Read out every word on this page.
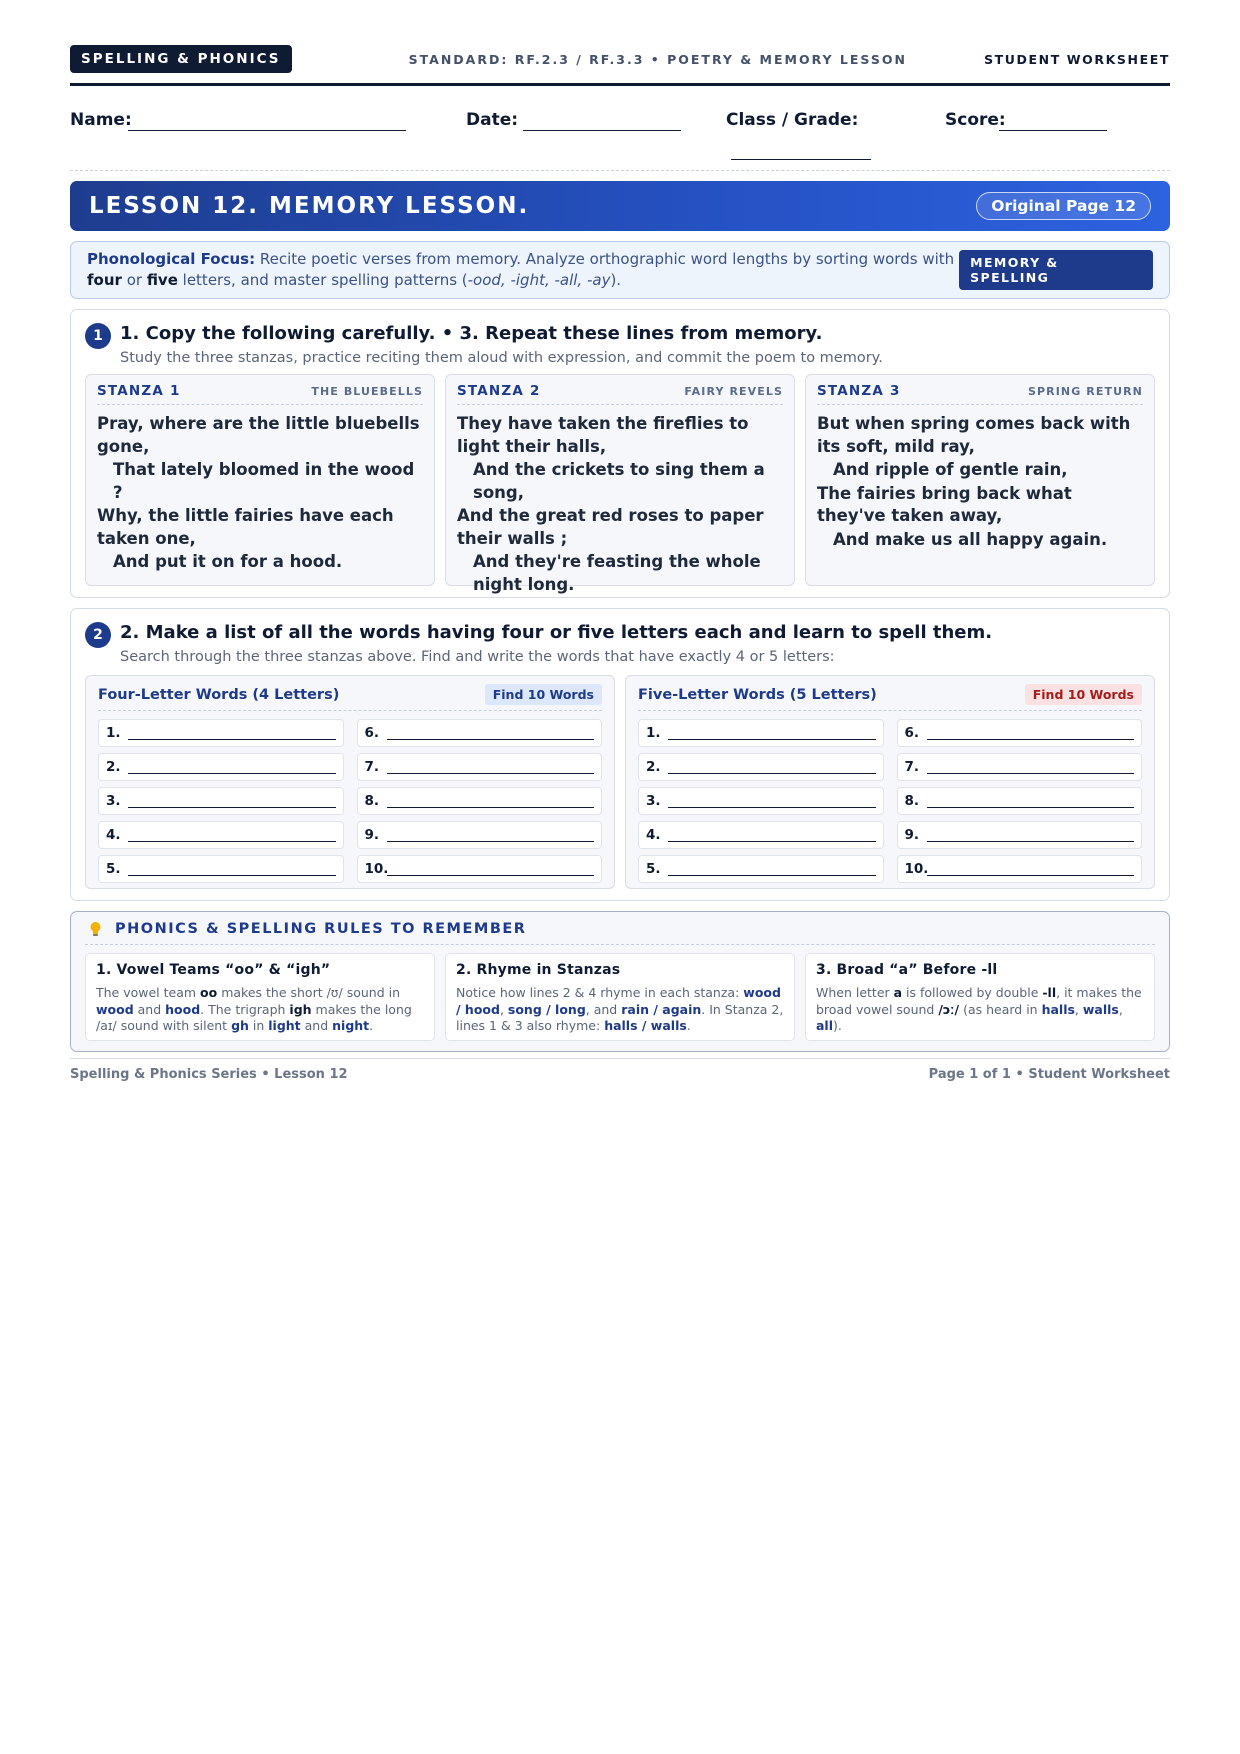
SPELLING & PHONICS	STANDARD: RF.2.3 / RF.3.3 • POETRY & MEMORY LESSON	STUDENT WORKSHEET
Name:	Date:	Class / Grade:	Score:
LESSON 12. MEMORY LESSON.	Original Page 12
Phonological Focus: Recite poetic verses from memory. Analyze orthographic word lengths by sorting words with four or five letters, and master spelling patterns (-ood, -ight, -all, -ay).
MEMORY & SPELLING
1 1. Copy the following carefully. • 3. Repeat these lines from memory.
Study the three stanzas, practice reciting them aloud with expression, and commit the poem to memory.
STANZA 1	THE BLUEBELLS
Pray, where are the little bluebells gone,
That lately bloomed in the wood ?
Why, the little fairies have each taken one,
And put it on for a hood.
STANZA 2	FAIRY REVELS
They have taken the fireflies to light their halls,
And the crickets to sing them a song,
And the great red roses to paper their walls ;
And they're feasting the whole night long.
STANZA 3	SPRING RETURN
But when spring comes back with its soft, mild ray,
And ripple of gentle rain,
The fairies bring back what they've taken away,
And make us all happy again.
2 2. Make a list of all the words having four or five letters each and learn to spell them.
Search through the three stanzas above. Find and write the words that have exactly 4 or 5 letters:
Four-Letter Words (4 Letters)	Find 10 Words
1.	6.
2.	7.
3.	8.
4.	9.
5.	10.
Five-Letter Words (5 Letters)	Find 10 Words
1.	6.
2.	7.
3.	8.
4.	9.
5.	10.
PHONICS & SPELLING RULES TO REMEMBER
1. Vowel Teams “oo” & “igh”
The vowel team oo makes the short /ʊ/ sound in wood and hood. The trigraph igh makes the long /aɪ/ sound with silent gh in light and night.
2. Rhyme in Stanzas
Notice how lines 2 & 4 rhyme in each stanza: wood / hood, song / long, and rain / again. In Stanza 2, lines 1 & 3 also rhyme: halls / walls.
3. Broad “a” Before -ll
When letter a is followed by double -ll, it makes the broad vowel sound /ɔː/ (as heard in halls, walls, all).
Spelling & Phonics Series • Lesson 12	Page 1 of 1 • Student Worksheet
